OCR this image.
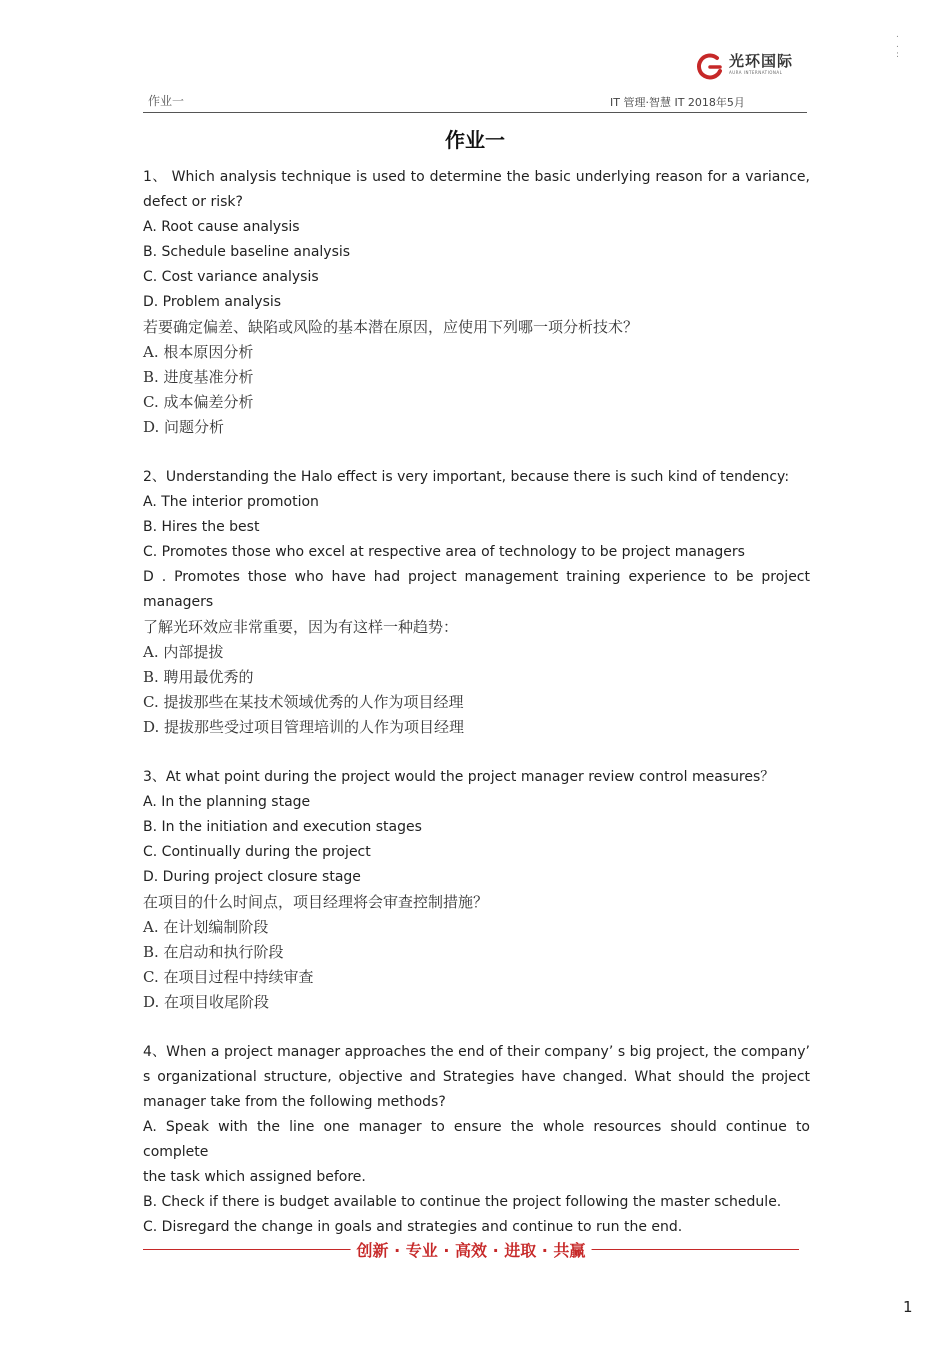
.
.
:
光环国际
AURA INTERNATIONAL
作业一	IT 管理·智慧 IT 2018年5月
作业一

1、 Which analysis technique is used to determine the basic underlying reason for a variance,

defect or risk?

A. Root cause analysis

B. Schedule baseline analysis

C. Cost variance analysis

D. Problem analysis

若要确定偏差、缺陷或风险的基本潜在原因，应使用下列哪一项分析技术？

A. 根本原因分析

B. 进度基准分析

C. 成本偏差分析

D. 问题分析

2、Understanding the Halo effect is very important, because there is such kind of tendency:

A. The interior promotion

B. Hires the best

C. Promotes those who excel at respective area of technology to be project managers

D . Promotes those who have had project management training experience to be project

managers

了解光环效应非常重要，因为有这样一种趋势：

A. 内部提拔

B. 聘用最优秀的

C. 提拔那些在某技术领域优秀的人作为项目经理

D. 提拔那些受过项目管理培训的人作为项目经理

3、At what point during the project would the project manager review control measures？

A. In the planning stage

B. In the initiation and execution stages

C. Continually during the project

D. During project closure stage

在项目的什么时间点，项目经理将会审查控制措施？

A. 在计划编制阶段

B. 在启动和执行阶段

C. 在项目过程中持续审查

D. 在项目收尾阶段

4、When a project manager approaches the end of their company’ s big project, the company’

s organizational structure, objective and Strategies have changed. What should the project

manager take from the following methods?

A. Speak with the line one manager to ensure the whole resources should continue to complete

the task which assigned before.

B. Check if there is budget available to continue the project following the master schedule.

C. Disregard the change in goals and strategies and continue to run the end.

创新 · 专业 · 高效 · 进取 · 共赢
1
